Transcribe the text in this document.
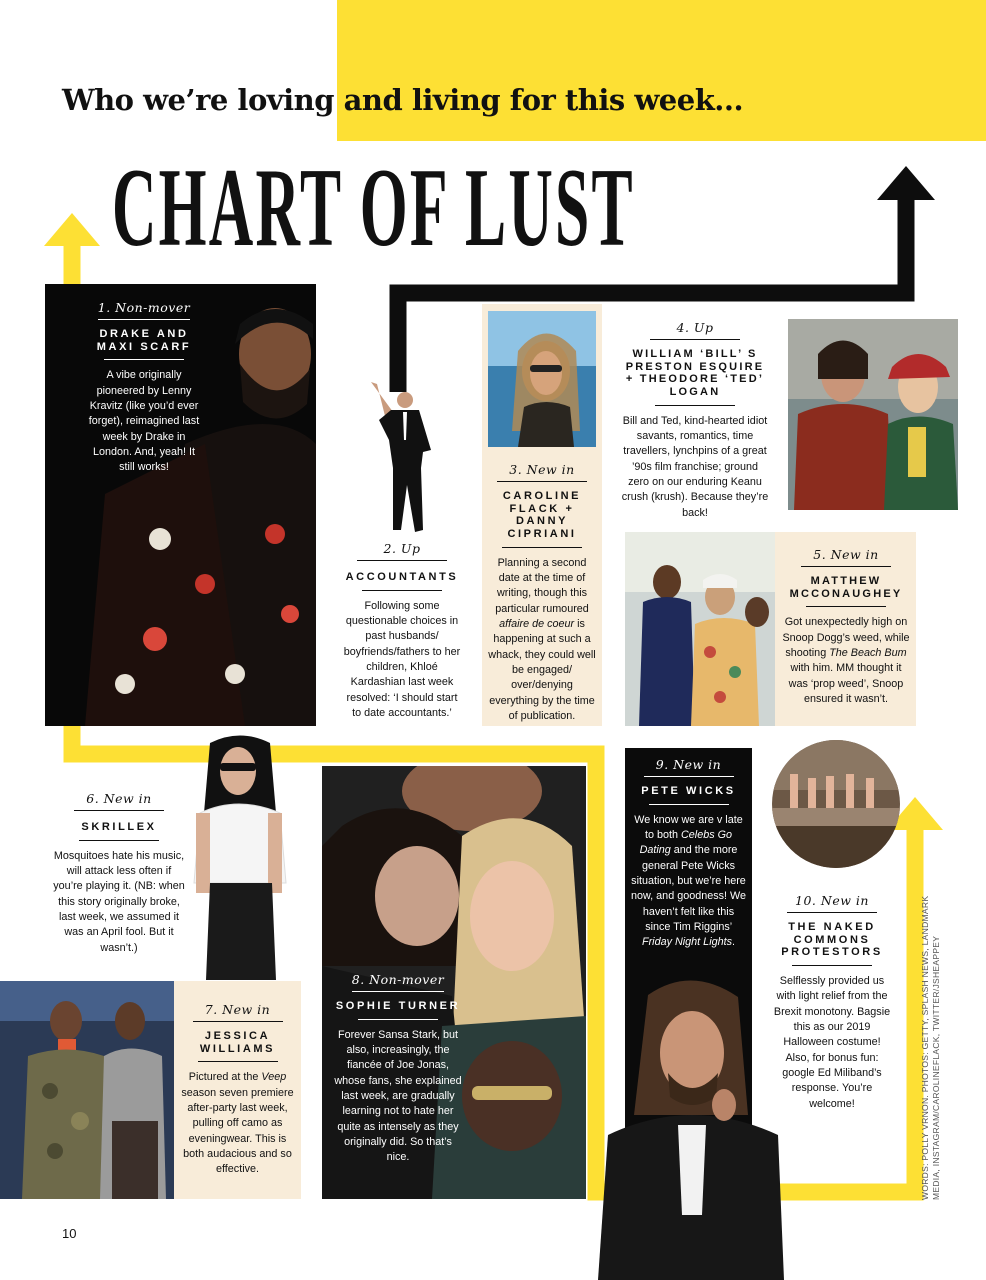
Who we’re loving and living for this week...
CHART OF LUST
1. Non-mover
DRAKE AND MAXI SCARF

A vibe originally pioneered by Lenny Kravitz (like you’d ever forget), reimagined last week by Drake in London. And, yeah! It still works!

2. Up
ACCOUNTANTS

Following some questionable choices in past husbands/ boyfriends/fathers to her children, Khloé Kardashian last week resolved: ‘I should start to date accountants.’

3. New in
CAROLINE FLACK + DANNY CIPRIANI

Planning a second date at the time of writing, though this particular rumoured affaire de coeur is happening at such a whack, they could well be engaged/ over/denying everything by the time of publication.

4. Up
WILLIAM ‘BILL’ S PRESTON ESQUIRE + THEODORE ‘TED’ LOGAN

Bill and Ted, kind-hearted idiot savants, romantics, time travellers, lynchpins of a great ’90s film franchise; ground zero on our enduring Keanu crush (krush). Because they’re back!

5. New in
MATTHEW MCCONAUGHEY

Got unexpectedly high on Snoop Dogg’s weed, while shooting The Beach Bum with him. MM thought it was ‘prop weed’, Snoop ensured it wasn’t.

6. New in
SKRILLEX

Mosquitoes hate his music, will attack less often if you’re playing it. (NB: when this story originally broke, last week, we assumed it was an April fool. But it wasn’t.)

7. New in
JESSICA WILLIAMS

Pictured at the Veep season seven premiere after-party last week, pulling off camo as eveningwear. This is both audacious and so effective.

8. Non-mover
SOPHIE TURNER

Forever Sansa Stark, but also, increasingly, the fiancée of Joe Jonas, whose fans, she explained last week, are gradually learning not to hate her quite as intensely as they originally did. So that’s nice.

9. New in
PETE WICKS

We know we are v late to both Celebs Go Dating and the more general Pete Wicks situation, but we’re here now, and goodness! We haven’t felt like this since Tim Riggins’ Friday Night Lights.

10. New in
THE NAKED COMMONS PROTESTORS

Selflessly provided us with light relief from the Brexit monotony. Bagsie this as our 2019 Halloween costume! Also, for bonus fun: google Ed Miliband’s response. You’re welcome!

10
WORDS: POLLY VRNON. PHOTOS: GETTY, SPLASH NEWS, LANDMARK MEDIA, INSTAGRAM/CAROLINEFLACK, TWITTER/JSHEAPPEY
